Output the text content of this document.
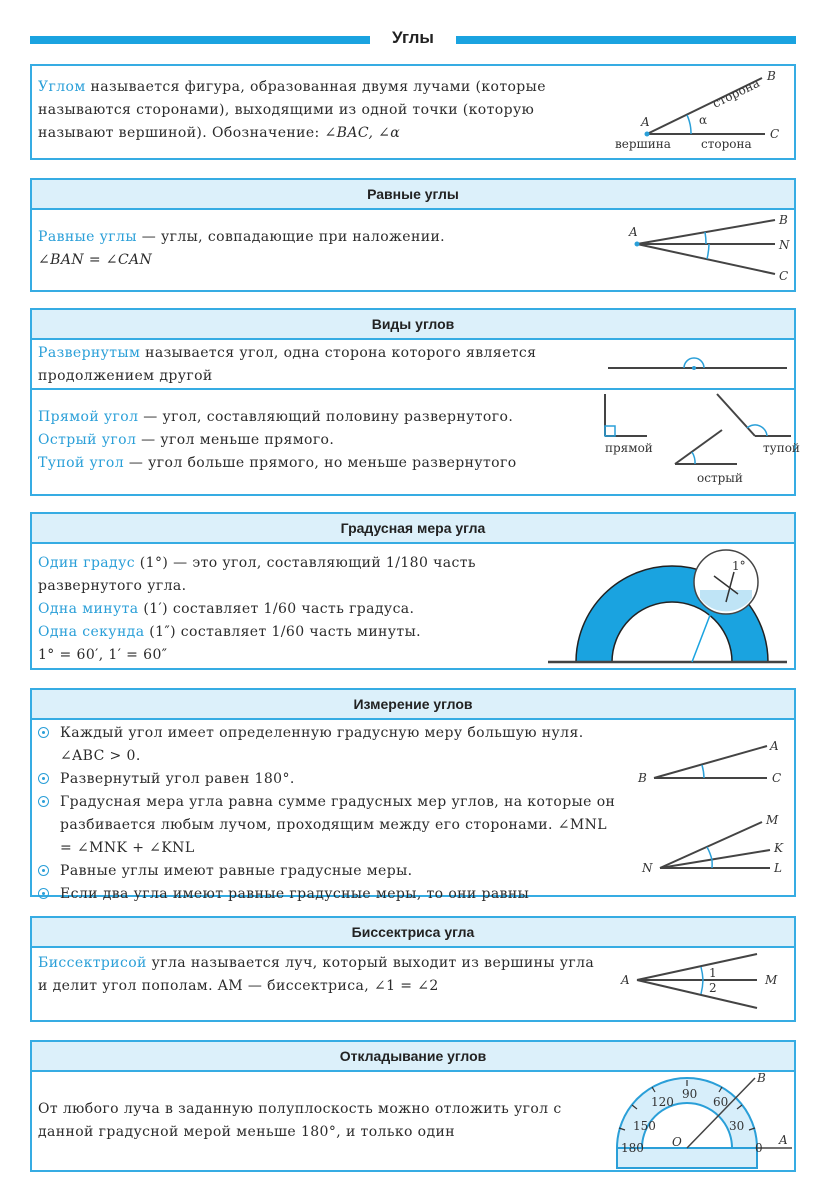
Углы
Углом называется фигура, образованная двумя лучами (которые называются сторонами), выходящими из одной точки (которую называют вершиной). Обозначение: ∠BAC, ∠α
A
B
C
α
вершина	сторона
сторона
Равные углы
Равные углы — углы, совпадающие при наложении.
∠BAN = ∠CAN
A
B
N
C
Виды углов
Развернутым называется угол, одна сторона которого является продолжением другой
Прямой угол — угол, составляющий половину развернутого.
Острый угол — угол меньше прямого.
Тупой угол — угол больше прямого, но меньше развернутого
прямой
острый
тупой
Градусная мера угла
Один градус (1°) — это угол, составляющий 1/180 часть развернутого угла.
Одна минута (1′) составляет 1/60 часть градуса.
Одна секунда (1″) составляет 1/60 часть минуты.
1° = 60′, 1′ = 60″
1°
Измерение углов
Каждый угол имеет определенную градусную меру большую нуля. ∠ABC > 0.
Развернутый угол равен 180°.
Градусная мера угла равна сумме градусных мер углов, на которые он разбивается любым лучом, проходящим между его сторонами. ∠MNL = ∠MNK + ∠KNL
Равные углы имеют равные градусные меры.
Если два угла имеют равные градусные меры, то они равны
B
A
C
N
M
K
L
Биссектриса угла
Биссектрисой угла называется луч, который выходит из вершины угла и делит угол пополам. AM — биссектриса, ∠1 = ∠2	A	M
1
2
Откладывание углов
От любого луча в заданную полуплоскость можно отложить угол с данной градусной мерой меньше 180°, и только один
0
30
60
90
120
150
180 O	A
B
